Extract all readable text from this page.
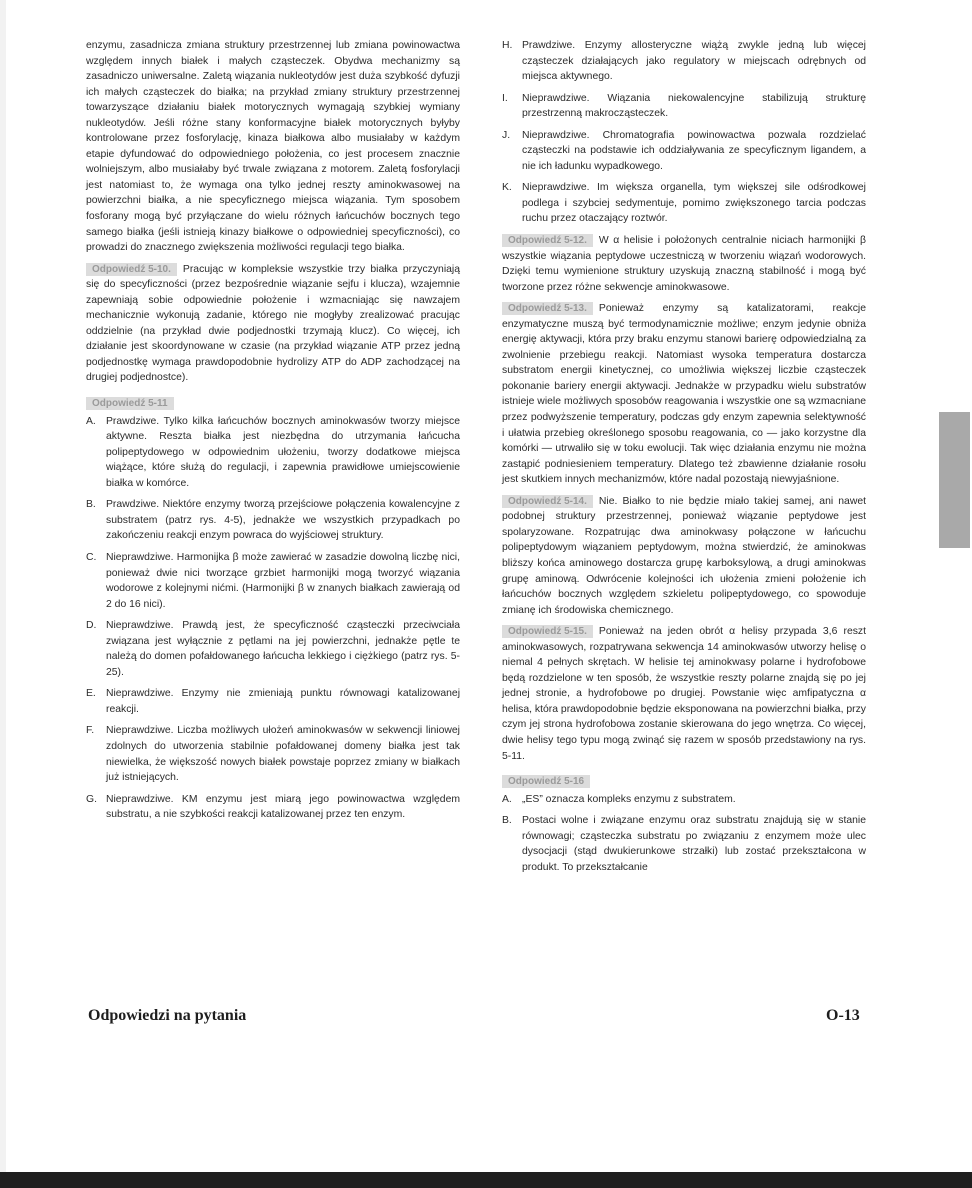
enzymu, zasadnicza zmiana struktury przestrzennej lub zmiana powinowactwa względem innych białek i małych cząsteczek. Obydwa mechanizmy są zasadniczo uniwersalne. Zaletą wiązania nukleotydów jest duża szybkość dyfuzji ich małych cząsteczek do białka; na przykład zmiany struktury przestrzennej towarzyszące działaniu białek motorycznych wymagają szybkiej wymiany nukleotydów. Jeśli różne stany konformacyjne białek motorycznych byłyby kontrolowane przez fosforylację, kinaza białkowa albo musiałaby w każdym etapie dyfundować do odpowiedniego położenia, co jest procesem znacznie wolniejszym, albo musiałaby być trwale związana z motorem. Zaletą fosforylacji jest natomiast to, że wymaga ona tylko jednej reszty aminokwasowej na powierzchni białka, a nie specyficznego miejsca wiązania. Tym sposobem fosforany mogą być przyłączane do wielu różnych łańcuchów bocznych tego samego białka (jeśli istnieją kinazy białkowe o odpowiedniej specyficzności), co prowadzi do znacznego zwiększenia możliwości regulacji tego białka.

Odpowiedź 5-10. Pracując w kompleksie wszystkie trzy białka przyczyniają się do specyficzności (przez bezpośrednie wiązanie sejfu i klucza), wzajemnie zapewniają sobie odpowiednie położenie i wzmacniając się nawzajem mechanicznie wykonują zadanie, którego nie mogłyby zrealizować pracując oddzielnie (na przykład dwie podjednostki trzymają klucz). Co więcej, ich działanie jest skoordynowane w czasie (na przykład wiązanie ATP przez jedną podjednostkę wymaga prawdopodobnie hydrolizy ATP do ADP zachodzącej na drugiej podjednostce).

Odpowiedź 5-11
A. Prawdziwe. Tylko kilka łańcuchów bocznych aminokwasów tworzy miejsce aktywne. Reszta białka jest niezbędna do utrzymania łańcucha polipeptydowego w odpowiednim ułożeniu, tworzy dodatkowe miejsca wiążące, które służą do regulacji, i zapewnia prawidłowe umiejscowienie białka w komórce.
B. Prawdziwe. Niektóre enzymy tworzą przejściowe połączenia kowalencyjne z substratem (patrz rys. 4-5), jednakże we wszystkich przypadkach po zakończeniu reakcji enzym powraca do wyjściowej struktury.
C. Nieprawdziwe. Harmonijka β może zawierać w zasadzie dowolną liczbę nici, ponieważ dwie nici tworzące grzbiet harmonijki mogą tworzyć wiązania wodorowe z kolejnymi nićmi. (Harmonijki β w znanych białkach zawierają od 2 do 16 nici).
D. Nieprawdziwe. Prawdą jest, że specyficzność cząsteczki przeciwciała związana jest wyłącznie z pętlami na jej powierzchni, jednakże pętle te należą do domen pofałdowanego łańcucha lekkiego i ciężkiego (patrz rys. 5-25).
E. Nieprawdziwe. Enzymy nie zmieniają punktu równowagi katalizowanej reakcji.
F.	Nieprawdziwe. Liczba możliwych ułożeń aminokwasów w sekwencji liniowej zdolnych do utworzenia stabilnie pofałdowanej domeny białka jest tak niewielka, że większość nowych białek powstaje poprzez zmiany w białkach już istniejących.
G. Nieprawdziwe. KM enzymu jest miarą jego powinowactwa względem substratu, a nie szybkości reakcji katalizowanej przez ten enzym.
H. Prawdziwe. Enzymy allosteryczne wiążą zwykle jedną lub więcej cząsteczek działających jako regulatory w miejscach odrębnych od miejsca aktywnego.
I.	Nieprawdziwe. Wiązania niekowalencyjne stabilizują strukturę przestrzenną makrocząsteczek.
J.	Nieprawdziwe. Chromatografia powinowactwa pozwala rozdzielać cząsteczki na podstawie ich oddziaływania ze specyficznym ligandem, a nie ich ładunku wypadkowego.
K. Nieprawdziwe. Im większa organella, tym większej sile odśrodkowej podlega i szybciej sedymentuje, pomimo zwiększonego tarcia podczas ruchu przez otaczający roztwór.

Odpowiedź 5-12. W α helisie i położonych centralnie niciach harmonijki β wszystkie wiązania peptydowe uczestniczą w tworzeniu wiązań wodorowych. Dzięki temu wymienione struktury uzyskują znaczną stabilność i mogą być tworzone przez różne sekwencje aminokwasowe.

Odpowiedź 5-13. Ponieważ enzymy są katalizatorami, reakcje enzymatyczne muszą być termodynamicznie możliwe; enzym jedynie obniża energię aktywacji, która przy braku enzymu stanowi barierę odpowiedzialną za zwolnienie przebiegu reakcji. Natomiast wysoka temperatura dostarcza substratom energii kinetycznej, co umożliwia większej liczbie cząsteczek pokonanie bariery energii aktywacji. Jednakże w przypadku wielu substratów istnieje wiele możliwych sposobów reagowania i wszystkie one są wzmacniane przez podwyższenie temperatury, podczas gdy enzym zapewnia selektywność i ułatwia przebieg określonego sposobu reagowania, co — jako korzystne dla komórki — utrwaliło się w toku ewolucji. Tak więc działania enzymu nie można zastąpić podniesieniem temperatury. Dlatego też zbawienne działanie rosołu jest skutkiem innych mechanizmów, które nadal pozostają niewyjaśnione.

Odpowiedź 5-14. Nie. Białko to nie będzie miało takiej samej, ani nawet podobnej struktury przestrzennej, ponieważ wiązanie peptydowe jest spolaryzowane. Rozpatrując dwa aminokwasy połączone w łańcuchu polipeptydowym wiązaniem peptydowym, można stwierdzić, że aminokwas bliższy końca aminowego dostarcza grupę karboksylową, a drugi aminokwas grupę aminową. Odwrócenie kolejności ich ułożenia zmieni położenie ich łańcuchów bocznych względem szkieletu polipeptydowego, co spowoduje zmianę ich środowiska chemicznego.

Odpowiedź 5-15. Ponieważ na jeden obrót α helisy przypada 3,6 reszt aminokwasowych, rozpatrywana sekwencja 14 aminokwasów utworzy helisę o niemal 4 pełnych skrętach. W helisie tej aminokwasy polarne i hydrofobowe będą rozdzielone w ten sposób, że wszystkie reszty polarne znajdą się po jej jednej stronie, a hydrofobowe po drugiej. Powstanie więc amfipatyczna α helisa, która prawdopodobnie będzie eksponowana na powierzchni białka, przy czym jej strona hydrofobowa zostanie skierowana do jego wnętrza. Co więcej, dwie helisy tego typu mogą zwinąć się razem w sposób przedstawiony na rys. 5-11.

Odpowiedź 5-16
A. „ES” oznacza kompleks enzymu z substratem.
B. Postaci wolne i związane enzymu oraz substratu znajdują się w stanie równowagi; cząsteczka substratu po związaniu z enzymem może ulec dysocjacji (stąd dwukierunkowe strzałki) lub zostać przekształcona w produkt. To przekształcanie
Odpowiedzi na pytania	O-13
